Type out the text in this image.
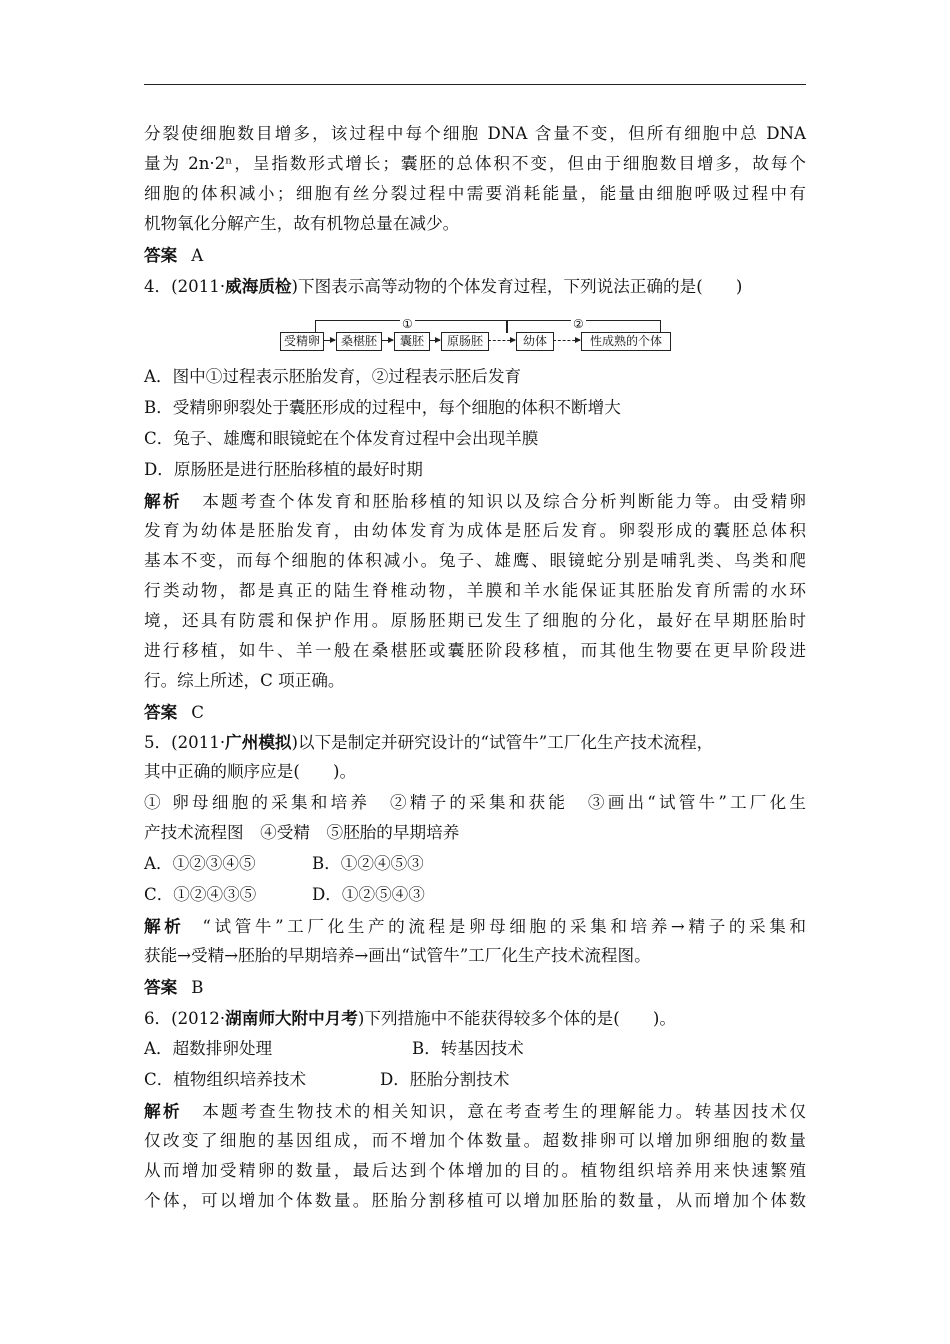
分裂使细胞数目增多，该过程中每个细胞 DNA 含量不变，但所有细胞中总 DNA
量为 2n·2ⁿ，呈指数形式增长；囊胚的总体积不变，但由于细胞数目增多，故每个
细胞的体积减小；细胞有丝分裂过程中需要消耗能量，能量由细胞呼吸过程中有
机物氧化分解产生，故有机物总量在减少。
答案 A
4．(2011·威海质检)下图表示高等动物的个体发育过程，下列说法正确的是(　　)
①	②
受精卵	桑椹胚	囊胚	原肠胚	幼体	性成熟的个体
A．图中①过程表示胚胎发育，②过程表示胚后发育
B．受精卵卵裂处于囊胚形成的过程中，每个细胞的体积不断增大
C．兔子、雄鹰和眼镜蛇在个体发育过程中会出现羊膜
D．原肠胚是进行胚胎移植的最好时期
解析 本题考查个体发育和胚胎移植的知识以及综合分析判断能力等。由受精卵
发育为幼体是胚胎发育，由幼体发育为成体是胚后发育。卵裂形成的囊胚总体积
基本不变，而每个细胞的体积减小。兔子、雄鹰、眼镜蛇分别是哺乳类、鸟类和爬
行类动物，都是真正的陆生脊椎动物，羊膜和羊水能保证其胚胎发育所需的水环
境，还具有防震和保护作用。原肠胚期已发生了细胞的分化，最好在早期胚胎时
进行移植，如牛、羊一般在桑椹胚或囊胚阶段移植，而其他生物要在更早阶段进
行。综上所述，C 项正确。
答案 C
5．(2011·广州模拟)以下是制定并研究设计的“试管牛”工厂化生产技术流程，
其中正确的顺序应是(　　)。
① 卵母细胞的采集和培养　②精子的采集和获能　③画出“试管牛”工厂化生
产技术流程图　④受精　⑤胚胎的早期培养
A．①②③④⑤	B．①②④⑤③
C．①②④③⑤	D．①②⑤④③
解析 “试管牛”工厂化生产的流程是卵母细胞的采集和培养→精子的采集和
获能→受精→胚胎的早期培养→画出“试管牛”工厂化生产技术流程图。
答案 B
6．(2012·湖南师大附中月考)下列措施中不能获得较多个体的是(　　)。
A．超数排卵处理	B．转基因技术
C．植物组织培养技术	D．胚胎分割技术
解析 本题考查生物技术的相关知识，意在考查考生的理解能力。转基因技术仅
仅改变了细胞的基因组成，而不增加个体数量。超数排卵可以增加卵细胞的数量
从而增加受精卵的数量，最后达到个体增加的目的。植物组织培养用来快速繁殖
个体，可以增加个体数量。胚胎分割移植可以增加胚胎的数量，从而增加个体数
